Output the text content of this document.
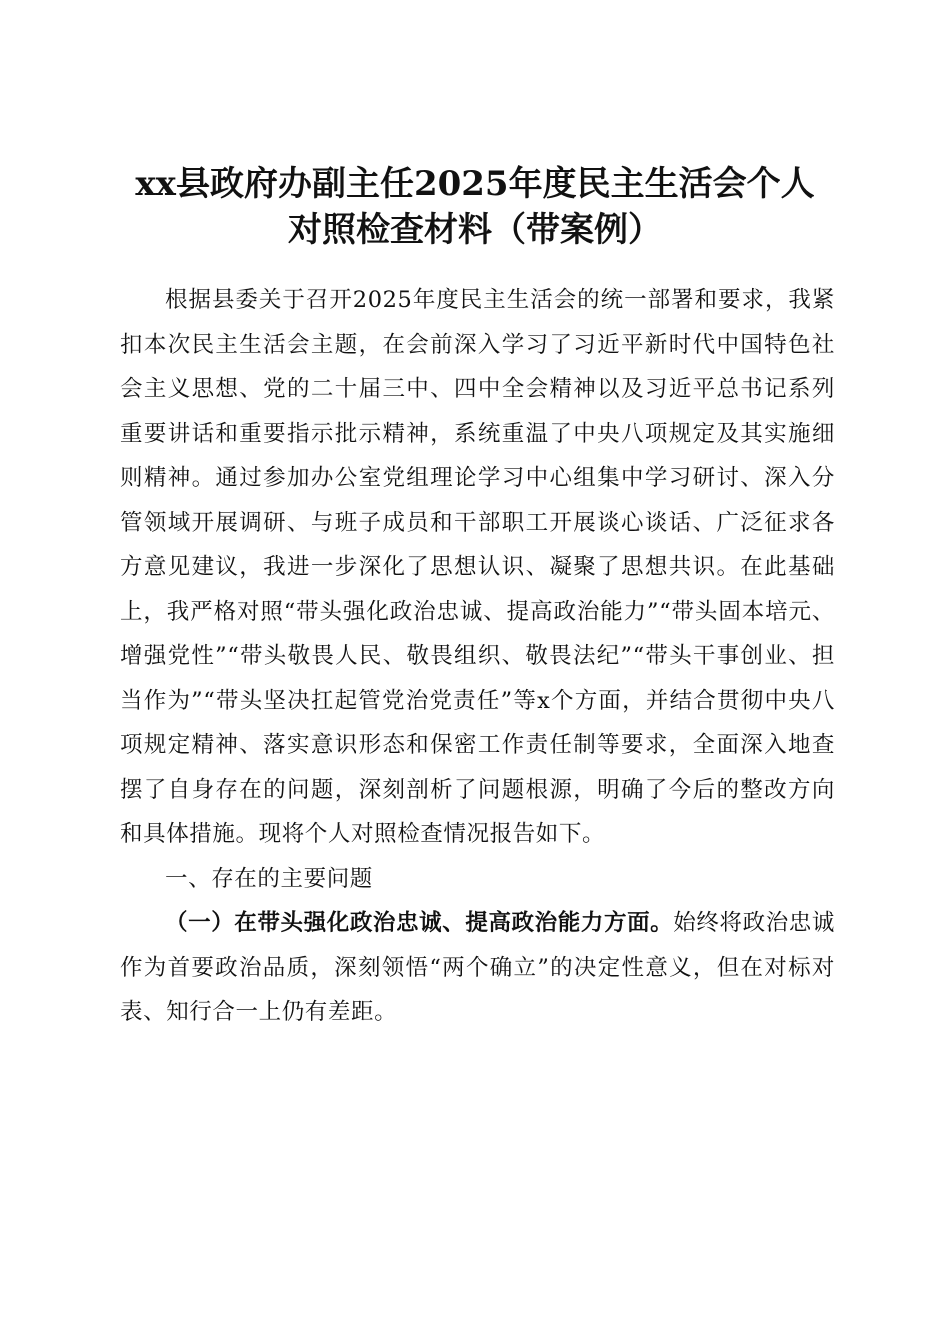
xx县政府办副主任2025年度民主生活会个人
对照检查材料（带案例）

根据县委关于召开2025年度民主生活会的统一部署和要求，我紧扣本次民主生活会主题，在会前深入学习了习近平新时代中国特色社会主义思想、党的二十届三中、四中全会精神以及习近平总书记系列重要讲话和重要指示批示精神，系统重温了中央八项规定及其实施细则精神。通过参加办公室党组理论学习中心组集中学习研讨、深入分管领域开展调研、与班子成员和干部职工开展谈心谈话、广泛征求各方意见建议，我进一步深化了思想认识、凝聚了思想共识。在此基础上，我严格对照“带头强化政治忠诚、提高政治能力”“带头固本培元、增强党性”“带头敬畏人民、敬畏组织、敬畏法纪”“带头干事创业、担当作为”“带头坚决扛起管党治党责任”等x个方面，并结合贯彻中央八项规定精神、落实意识形态和保密工作责任制等要求，全面深入地查摆了自身存在的问题，深刻剖析了问题根源，明确了今后的整改方向和具体措施。现将个人对照检查情况报告如下。

一、存在的主要问题

（一）在带头强化政治忠诚、提高政治能力方面。始终将政治忠诚作为首要政治品质，深刻领悟“两个确立”的决定性意义，但在对标对表、知行合一上仍有差距。
